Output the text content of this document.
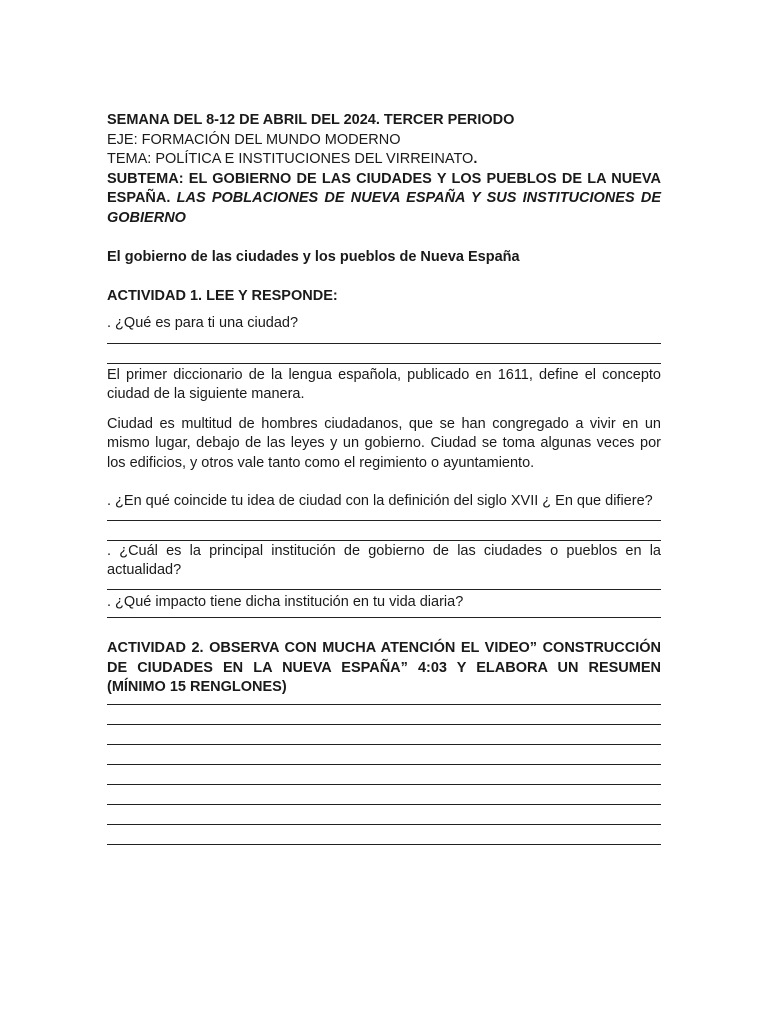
SEMANA DEL 8-12 DE ABRIL DEL 2024. TERCER PERIODO

EJE: FORMACIÓN DEL MUNDO MODERNO

TEMA: POLÍTICA E INSTITUCIONES DEL VIRREINATO.

SUBTEMA: EL GOBIERNO DE LAS CIUDADES Y LOS PUEBLOS DE LA NUEVA ESPAÑA. LAS POBLACIONES DE NUEVA ESPAÑA Y SUS INSTITUCIONES DE GOBIERNO

El gobierno de las ciudades y los pueblos de Nueva España

ACTIVIDAD 1. LEE Y RESPONDE:

. ¿Qué es para ti una ciudad?

El primer diccionario de la lengua española, publicado en 1611, define el concepto ciudad de la siguiente manera.

Ciudad es multitud de hombres ciudadanos, que se han congregado a vivir en un mismo lugar, debajo de las leyes y un gobierno. Ciudad se toma algunas veces por los edificios, y otros vale tanto como el regimiento o ayuntamiento.

. ¿En qué coincide tu idea de ciudad con la definición del siglo XVII ¿ En que difiere?

. ¿Cuál es la principal institución de gobierno de las ciudades o pueblos en la actualidad?

. ¿Qué impacto tiene dicha institución en tu vida diaria?

ACTIVIDAD 2. OBSERVA CON MUCHA ATENCIÓN EL VIDEO” CONSTRUCCIÓN DE CIUDADES EN LA NUEVA ESPAÑA” 4:03 Y ELABORA UN RESUMEN (MÍNIMO 15 RENGLONES)
